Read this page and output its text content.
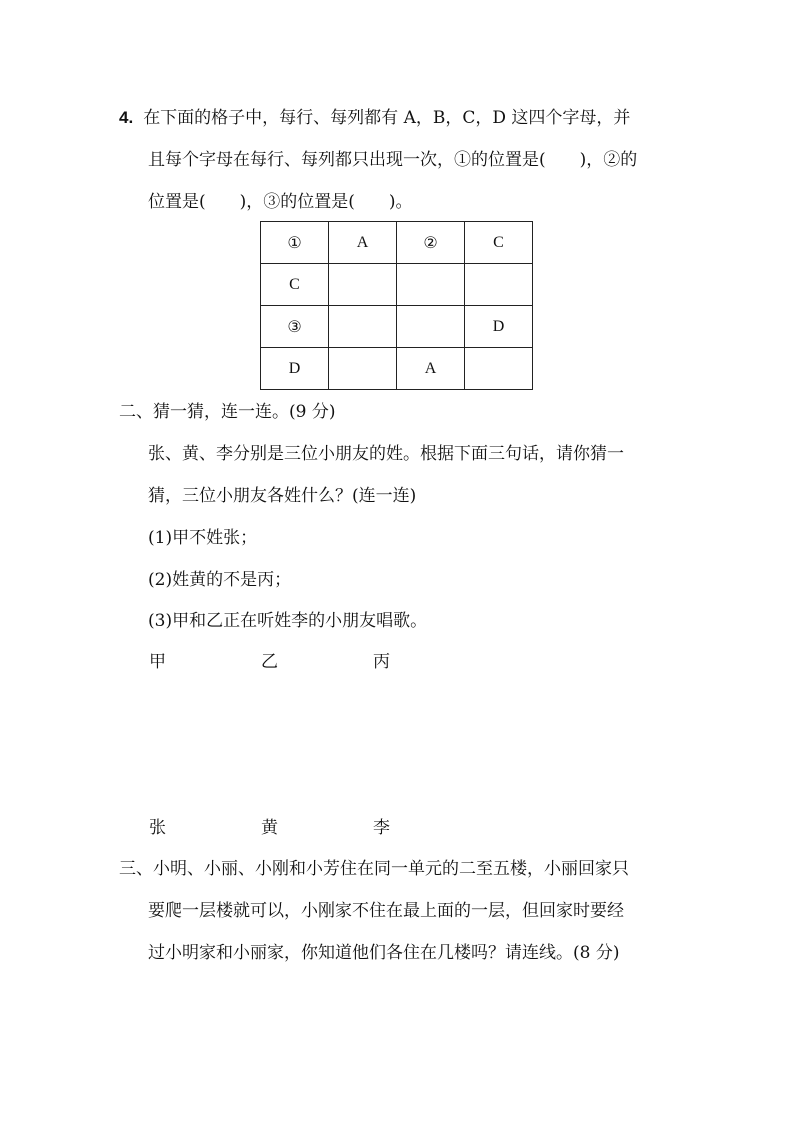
4. 在下面的格子中，每行、每列都有 A，B，C，D 这四个字母，并
且每个字母在每行、每列都只出现一次，①的位置是(　　)，②的
位置是(　　)，③的位置是(　　)。
①	A	②	C
C			
③			D
D		A	
二、猜一猜，连一连。(9 分)
张、黄、李分别是三位小朋友的姓。根据下面三句话，请你猜一
猜，三位小朋友各姓什么？(连一连)
(1)甲不姓张；
(2)姓黄的不是丙；
(3)甲和乙正在听姓李的小朋友唱歌。
甲	乙	丙
张	黄	李
三、小明、小丽、小刚和小芳住在同一单元的二至五楼，小丽回家只
要爬一层楼就可以，小刚家不住在最上面的一层，但回家时要经
过小明家和小丽家，你知道他们各住在几楼吗？请连线。(8 分)
